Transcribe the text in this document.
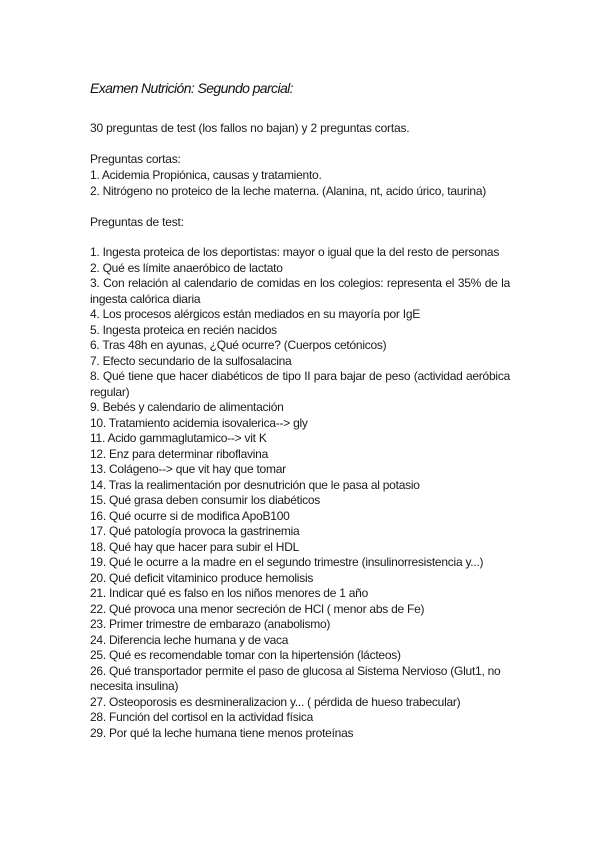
Examen Nutrición: Segundo parcial:
30 preguntas de test (los fallos no bajan) y 2 preguntas cortas.
Preguntas cortas:

1. Acidemia Propiónica, causas y tratamiento.

2. Nitrógeno no proteico de la leche materna. (Alanina, nt, acido úrico, taurina)

Preguntas de test:

1. Ingesta proteica de los deportistas: mayor o igual que la del resto de personas

2. Qué es límite anaeróbico de lactato

3. Con relación al calendario de comidas en los colegios: representa el 35% de la ingesta calórica diaria

4. Los procesos alérgicos están mediados en su mayoría por IgE

5. Ingesta proteica en recién nacidos

6. Tras 48h en ayunas, ¿Qué ocurre? (Cuerpos cetónicos)

7. Efecto secundario de la sulfosalacina

8. Qué tiene que hacer diabéticos de tipo II para bajar de peso (actividad aeróbica regular)

9. Bebés y calendario de alimentación

10. Tratamiento acidemia isovalerica--> gly

11. Acido gammaglutamico--> vit K

12. Enz para determinar riboflavina

13. Colágeno--> que vit hay que tomar

14. Tras la realimentación por desnutrición que le pasa al potasio

15. Qué grasa deben consumir los diabéticos

16. Qué ocurre si de modifica ApoB100

17. Qué patología provoca la gastrinemia

18. Qué hay que hacer para subir el HDL

19. Qué le ocurre a la madre en el segundo trimestre (insulinorresistencia y...)

20. Qué deficit vitaminico produce hemolisis

21. Indicar qué es falso en los niños menores de 1 año

22. Qué provoca una menor secreción de HCl ( menor abs de Fe)

23. Primer trimestre de embarazo (anabolismo)

24. Diferencia leche humana y de vaca

25. Qué es recomendable tomar con la hipertensión (lácteos)

26. Qué transportador permite el paso de glucosa al Sistema Nervioso (Glut1, no necesita insulina)

27. Osteoporosis es desmineralizacion y... ( pérdida de hueso trabecular)

28. Función del cortisol en la actividad física

29. Por qué la leche humana tiene menos proteínas
